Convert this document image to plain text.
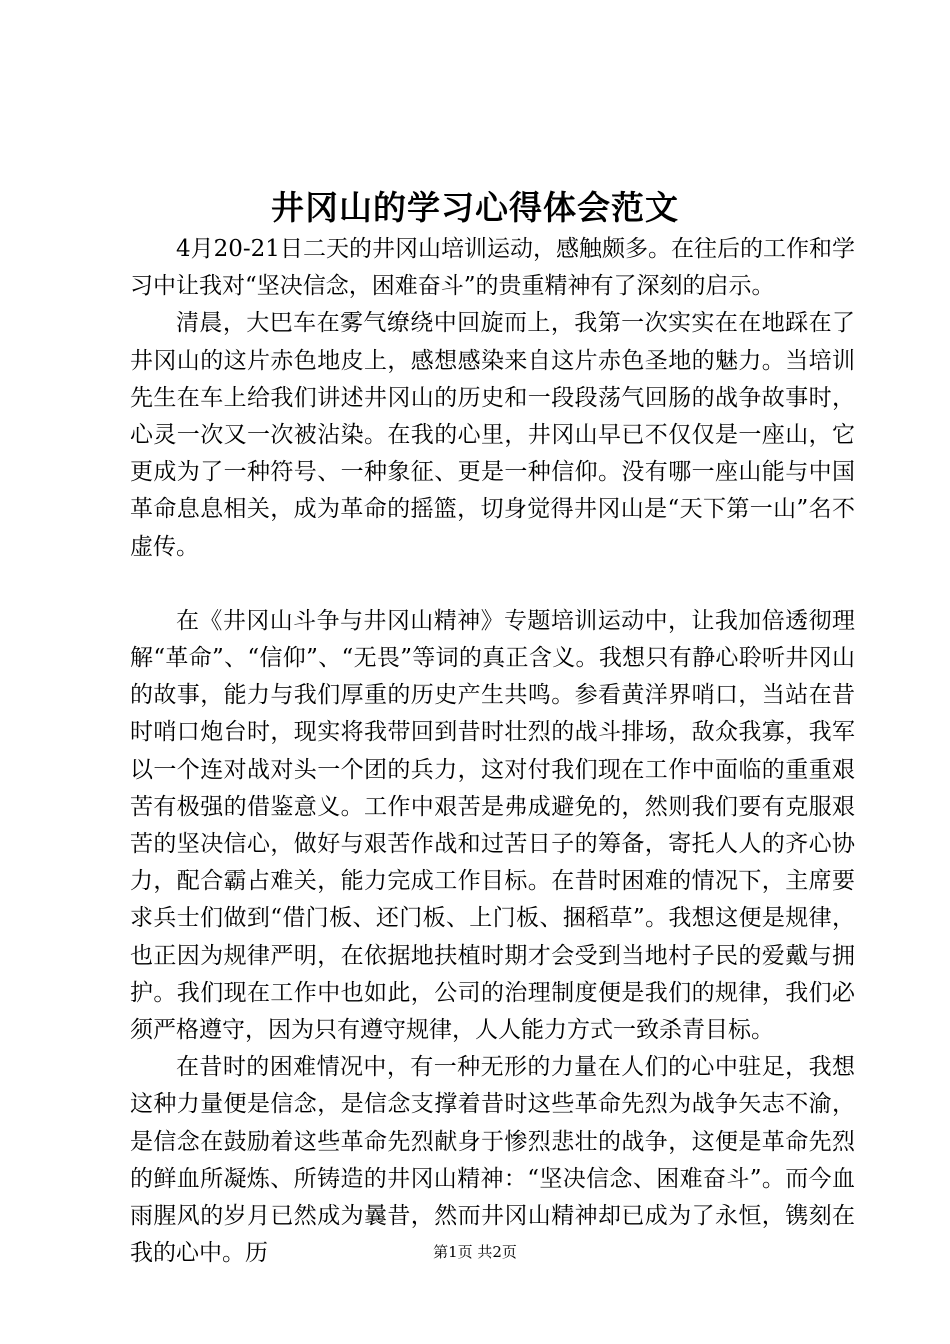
井冈山的学习心得体会范文

4月20-21日二天的井冈山培训运动，感触颇多。在往后的工作和学习中让我对“坚决信念，困难奋斗”的贵重精神有了深刻的启示。

清晨，大巴车在雾气缭绕中回旋而上，我第一次实实在在地踩在了井冈山的这片赤色地皮上，感想感染来自这片赤色圣地的魅力。当培训先生在车上给我们讲述井冈山的历史和一段段荡气回肠的战争故事时，心灵一次又一次被沾染。在我的心里，井冈山早已不仅仅是一座山，它更成为了一种符号、一种象征、更是一种信仰。没有哪一座山能与中国革命息息相关，成为革命的摇篮，切身觉得井冈山是“天下第一山”名不虚传。

在《井冈山斗争与井冈山精神》专题培训运动中，让我加倍透彻理解“革命”、“信仰”、“无畏”等词的真正含义。我想只有静心聆听井冈山的故事，能力与我们厚重的历史产生共鸣。参看黄洋界哨口，当站在昔时哨口炮台时，现实将我带回到昔时壮烈的战斗排场，敌众我寡，我军以一个连对战对头一个团的兵力，这对付我们现在工作中面临的重重艰苦有极强的借鉴意义。工作中艰苦是弗成避免的，然则我们要有克服艰苦的坚决信心，做好与艰苦作战和过苦日子的筹备，寄托人人的齐心协力，配合霸占难关，能力完成工作目标。在昔时困难的情况下，主席要求兵士们做到“借门板、还门板、上门板、捆稻草”。我想这便是规律，也正因为规律严明，在依据地扶植时期才会受到当地村子民的爱戴与拥护。我们现在工作中也如此，公司的治理制度便是我们的规律，我们必须严格遵守，因为只有遵守规律，人人能力方式一致杀青目标。

在昔时的困难情况中，有一种无形的力量在人们的心中驻足，我想这种力量便是信念，是信念支撑着昔时这些革命先烈为战争矢志不渝，是信念在鼓励着这些革命先烈献身于惨烈悲壮的战争，这便是革命先烈的鲜血所凝炼、所铸造的井冈山精神：“坚决信念、困难奋斗”。而今血雨腥风的岁月已然成为曩昔，然而井冈山精神却已成为了永恒，镌刻在我的心中。历	第1页 共2页
